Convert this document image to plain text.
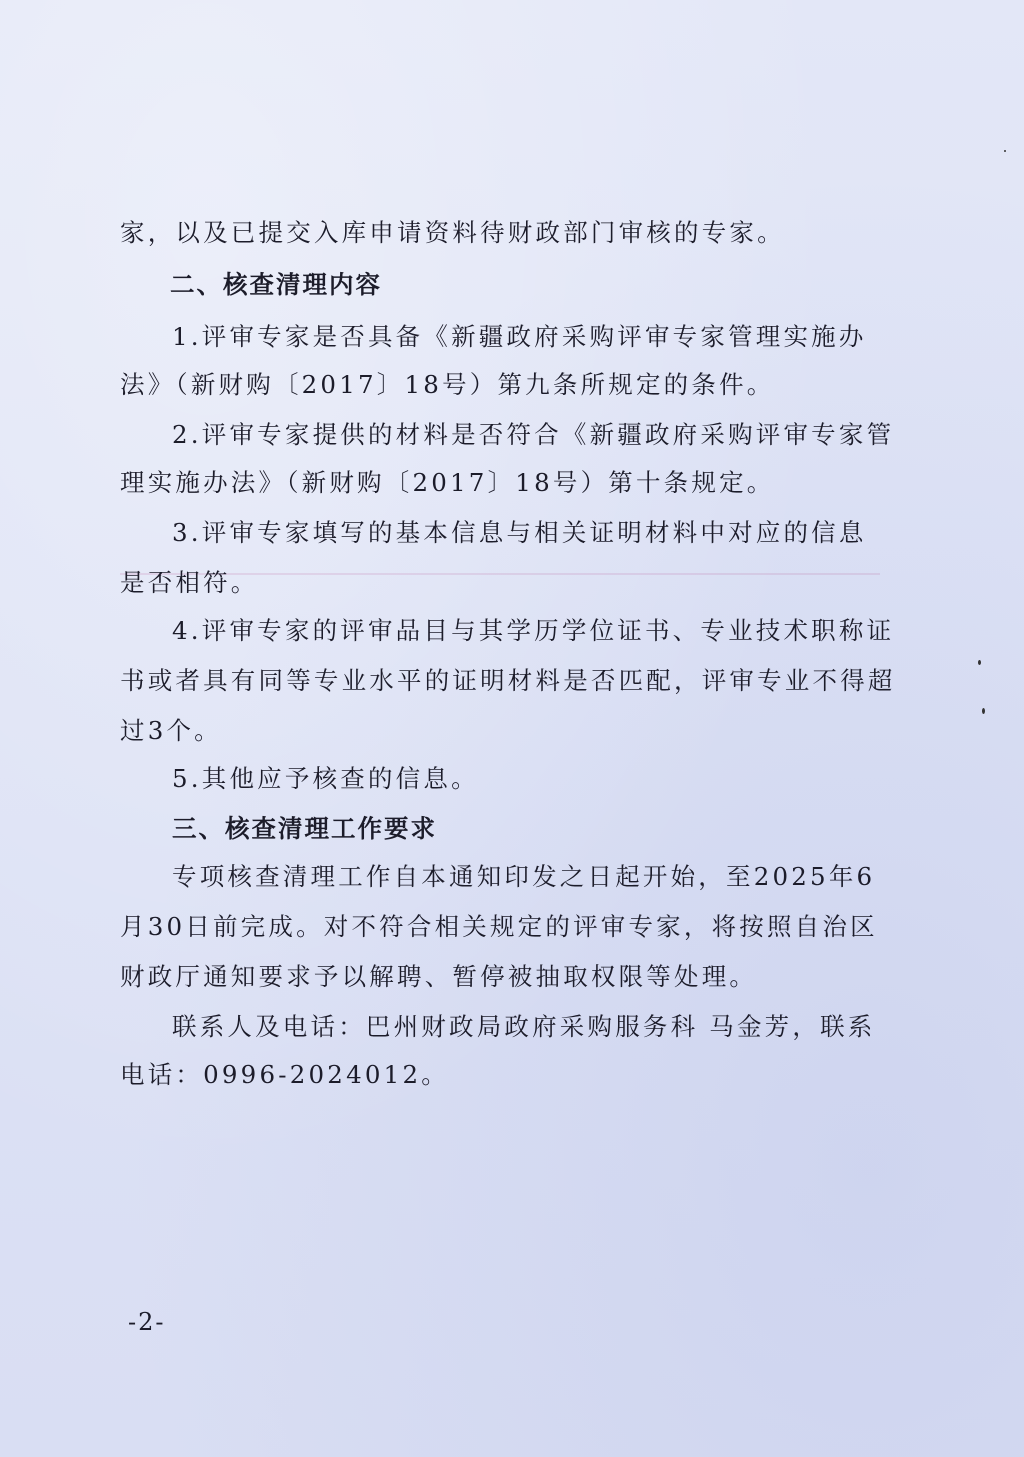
家，以及已提交入库申请资料待财政部门审核的专家。
二、核查清理内容
1.评审专家是否具备《新疆政府采购评审专家管理实施办
法》（新财购〔2017〕18号）第九条所规定的条件。
2.评审专家提供的材料是否符合《新疆政府采购评审专家管
理实施办法》（新财购〔2017〕18号）第十条规定。
3.评审专家填写的基本信息与相关证明材料中对应的信息
是否相符。
4.评审专家的评审品目与其学历学位证书、专业技术职称证
书或者具有同等专业水平的证明材料是否匹配，评审专业不得超
过3个。
5.其他应予核查的信息。
三、核查清理工作要求
专项核查清理工作自本通知印发之日起开始，至2025年6
月30日前完成。对不符合相关规定的评审专家，将按照自治区
财政厅通知要求予以解聘、暂停被抽取权限等处理。
联系人及电话：巴州财政局政府采购服务科 马金芳，联系
电话：0996-2024012。
-2-
